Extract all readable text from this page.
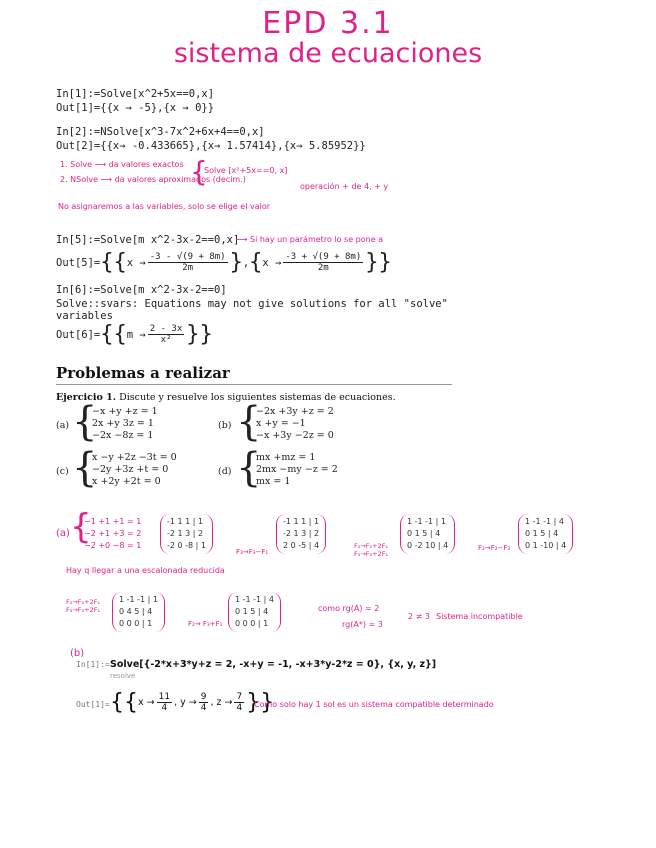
EPD 3.1
sistema de ecuaciones
In[1]:=Solve[x^2+5x==0,x]
Out[1]={{x → -5},{x → 0}}
In[2]:=NSolve[x^3-7x^2+6x+4==0,x]
Out[2]={{x→ -0.433665},{x→ 1.57414},{x→ 5.85952}}
1. Solve ⟶ da valores exactos
2. NSolve ⟶ da valores aproximados (decim.)
{
Solve [x²+5x==0, x]
operación + de 4, + y
No asignaremos a las variables, solo se elige el valor
In[5]:=Solve[m x^2-3x-2==0,x]
⟶ Si hay un parámetro lo se pone a
Out[5]= {{ $x \to \frac{-3 - √(9 + 8m)}{2m}$ } , { $x \to \frac{-3 + √(9 + 8m)}{2m}$ }}
In[6]:=Solve[m x^2-3x-2==0]
Solve::svars: Equations may not give solutions for all "solve"
variables
Out[6]= {{ $m \to \frac{2 - 3x}{\text{x²}}$ }}
Problemas a realizar
Ejercicio 1. Discute y resuelve los siguientes sistemas de ecuaciones.
(a) {
−x +y +z = 1
2x +y 3z = 1
−2x −8z = 1
(b) {
−2x +3y +z = 2
x +y = −1
−x +3y −2z = 0
(c) {
x −y +2z −3t = 0
−2y +3z +t = 0
x +2y +2t = 0
(d) {
mx +mz = 1
2mx −my −z = 2
mx = 1
(a) {
−1 +1 +1 = 1
−2 +1 +3 = 2
−2 +0 −8 = 1
-1 1 1 | 1
-2 1 3 | 2
-2 0 -8 | 1
F₃→F₃−F₁
-1 1 1 | 1
-2 1 3 | 2
2 0 -5 | 4	F₂→F₂+2F₁ F₃→F₃+2F₁
1 -1 -1 | 1
0 1 5 | 4
0 -2 10 | 4	F₂→F₂−F₃
1 -1 -1 | 4
0 1 5 | 4
0 1 -10 | 4
Hay q llegar a una escalonada reducida
F₂→F₂+2F₁ F₃→F₃+2F₁
1 -1 -1 | 1
0 4 5 | 4
0 0 0 | 1	F₂→ F₃+F₁
1 -1 -1 | 4
0 1 5 | 4
0 0 0 | 1
como rg(A) = 2
rg(A*) = 3
2 ≠ 3 Sistema incompatible
(b)
In[1]:= Solve[{-2*x+3*y+z = 2, -x+y = -1, -x+3*y-2*z = 0}, {x, y, z}]
resolve
Out[1]= {{ $x \to \frac{11}{4}$ , $y \to \frac{9}{4}$ , $z \to \frac{7}{4}$ }}
Como solo hay 1 sol es un sistema compatible determinado
